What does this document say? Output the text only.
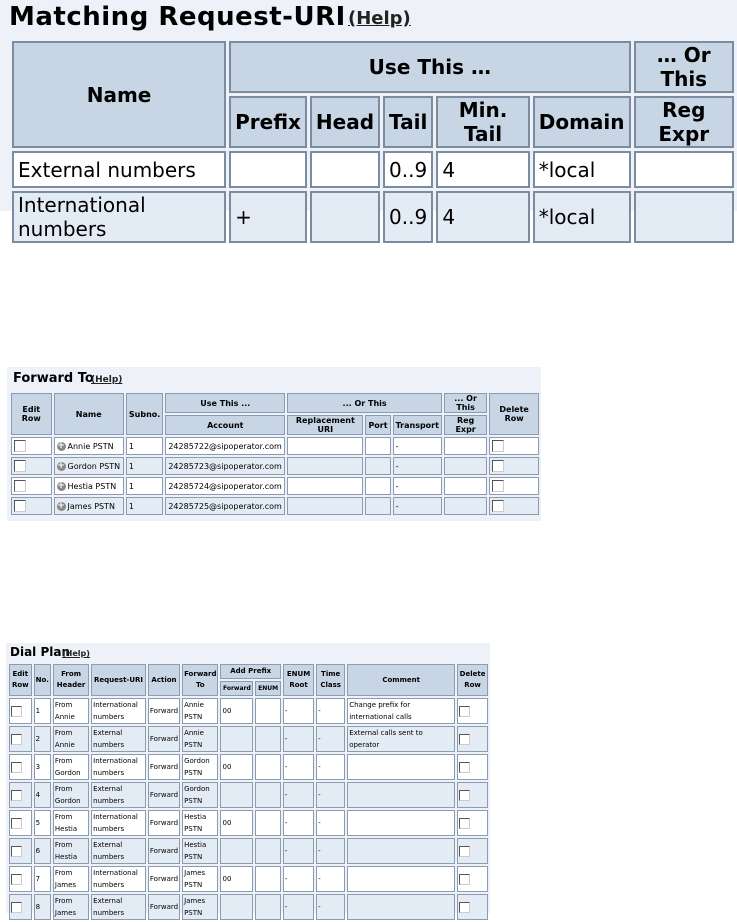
Matching Request-URI (Help)
Name	Use This …					… Or This
	Prefix	Head	Tail	Min. Tail	Domain	Reg Expr
External numbers			0..9	4	*local	
International numbers	+		0..9	4	*local	
Forward To
(Help)
Edit Row	Name	Subno.	Use This ...	... Or This			... Or This	Delete Row
			Account	Replacement URI	Port	Transport	Reg Expr	
	+ Annie PSTN	1	24285722@sipoperator.com			-		
	+ Gordon PSTN	1	24285723@sipoperator.com			-		
	+ Hestia PSTN	1	24285724@sipoperator.com			-		
	+ James PSTN	1	24285725@sipoperator.com			-		
Dial Plan
(Help)
Edit Row	No.	From Header	Request-URI	Action	Forward To	Add Prefix		ENUM Root	Time Class	Comment	Delete Row
						Forward	ENUM				
	1	From Annie	International numbers	Forward	Annie PSTN	00		-	-	Change prefix for international calls	
	2	From Annie	External numbers	Forward	Annie PSTN			-	-	External calls sent to operator	
	3	From Gordon	International numbers	Forward	Gordon PSTN	00		-	-		
	4	From Gordon	External numbers	Forward	Gordon PSTN			-	-		
	5	From Hestia	International numbers	Forward	Hestia PSTN	00		-	-		
	6	From Hestia	External numbers	Forward	Hestia PSTN			-	-		
	7	From James	International numbers	Forward	James PSTN	00		-	-		
	8	From James	External numbers	Forward	James PSTN			-	-		
